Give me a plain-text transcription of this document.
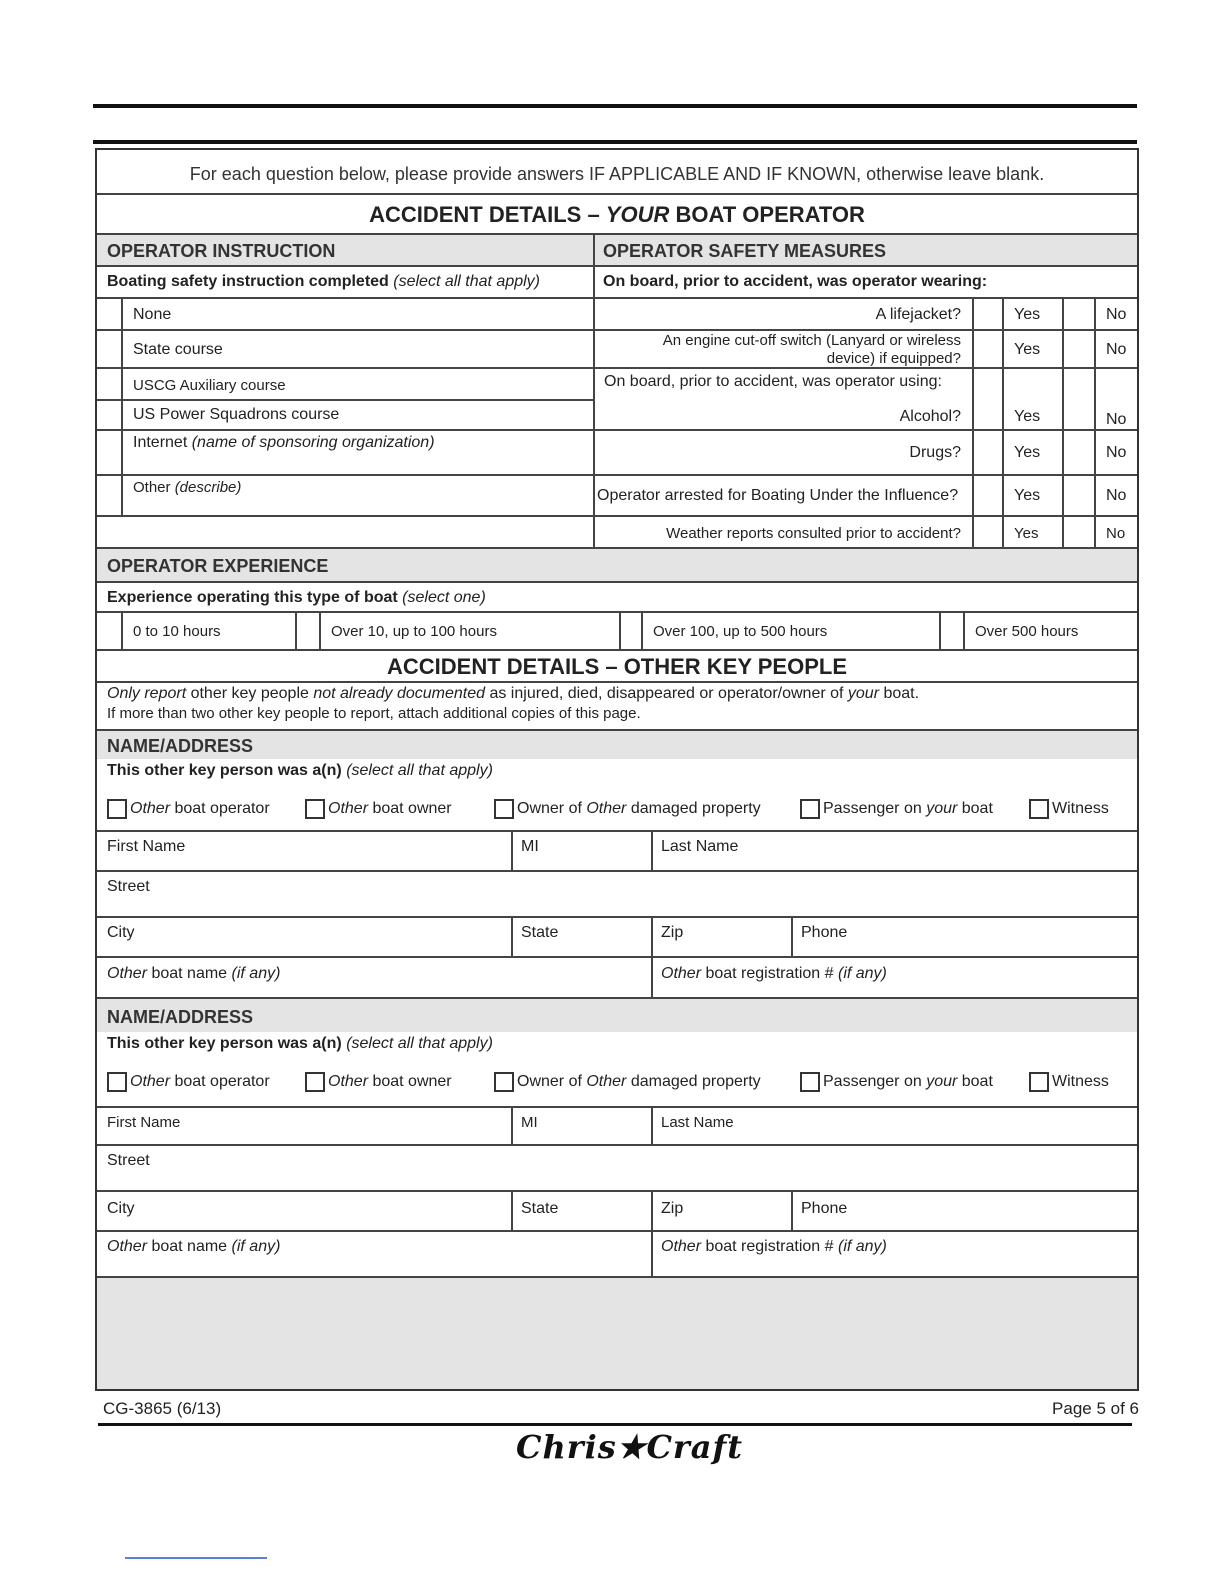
For each question below, please provide answers IF APPLICABLE AND IF KNOWN, otherwise leave blank.
ACCIDENT DETAILS – YOUR BOAT OPERATOR
OPERATOR INSTRUCTION	OPERATOR SAFETY MEASURES
Boating safety instruction completed (select all that apply)	On board, prior to accident, was operator wearing:
None
State course
USCG Auxiliary course
US Power Squadrons course
Internet (name of sponsoring organization)
Other (describe)
A lifejacket?	Yes	No
An engine cut-off switch (Lanyard or wireless
device) if equipped?
Yes	No
On board, prior to accident, was operator using:
Alcohol?	Yes	No
Drugs?	Yes	No
Operator arrested for Boating Under the Influence?	Yes	No
Weather reports consulted prior to accident?	Yes	No
OPERATOR EXPERIENCE
Experience operating this type of boat (select one)
0 to 10 hours	Over 10, up to 100 hours	Over 100, up to 500 hours	Over 500 hours
ACCIDENT DETAILS – OTHER KEY PEOPLE
Only report other key people not already documented as injured, died, disappeared or operator/owner of your boat.
If more than two other key people to report, attach additional copies of this page.
NAME/ADDRESS
This other key person was a(n) (select all that apply)
Other boat operator	Other boat owner	Owner of Other damaged property	Passenger on your boat	Witness
First Name	MI	Last Name
Street
City	State	Zip	Phone
Other boat name (if any)	Other boat registration # (if any)
NAME/ADDRESS
This other key person was a(n) (select all that apply)
Other boat operator	Other boat owner	Owner of Other damaged property	Passenger on your boat	Witness
First Name	MI	Last Name
Street
City	State	Zip	Phone
Other boat name (if any)	Other boat registration # (if any)
CG-3865 (6/13)	Page 5 of 6
Chris★Craft
